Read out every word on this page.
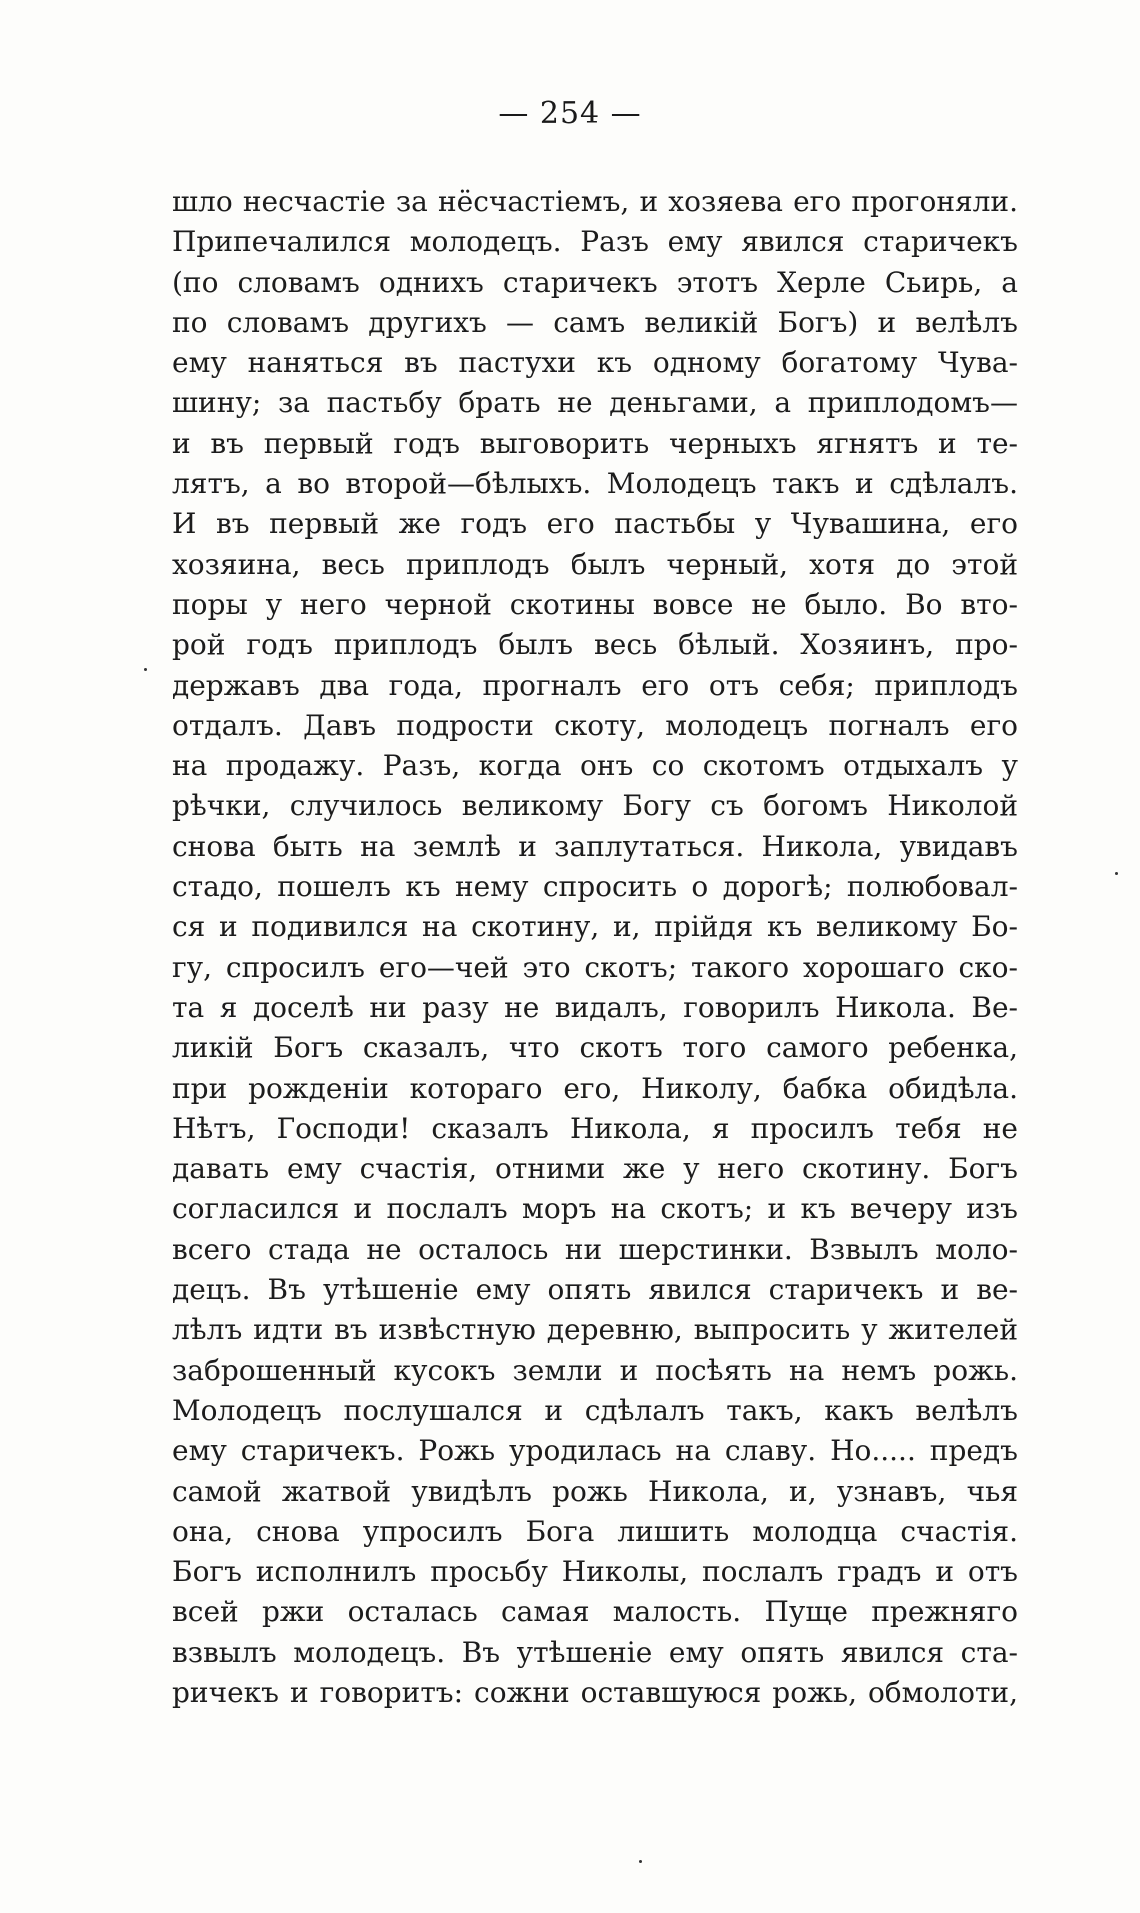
— 254 —
шло несчастіе за нёсчастіемъ, и хозяева его прогоняли.
Припечалился молодецъ. Разъ ему явился старичекъ
(по словамъ однихъ старичекъ этотъ Херле Сьирь, а
по словамъ другихъ — самъ великій Богъ) и велѣлъ
ему наняться въ пастухи къ одному богатому Чува-
шину; за пастьбу брать не деньгами, а приплодомъ—
и въ первый годъ выговорить черныхъ ягнятъ и те-
лятъ, а во второй—бѣлыхъ. Молодецъ такъ и сдѣлалъ.
И въ первый же годъ его пастьбы у Чувашина, его
хозяина, весь приплодъ былъ черный, хотя до этой
поры у него черной скотины вовсе не было. Во вто-
рой годъ приплодъ былъ весь бѣлый. Хозяинъ, про-
державъ два года, прогналъ его отъ себя; приплодъ
отдалъ. Давъ подрости скоту, молодецъ погналъ его
на продажу. Разъ, когда онъ со скотомъ отдыхалъ у
рѣчки, случилось великому Богу съ богомъ Николой
снова быть на землѣ и заплутаться. Никола, увидавъ
стадо, пошелъ къ нему спросить о дорогѣ; полюбовал-
ся и подивился на скотину, и, прійдя къ великому Бо-
гу, спросилъ его—чей это скотъ; такого хорошаго ско-
та я доселѣ ни разу не видалъ, говорилъ Никола. Ве-
ликій Богъ сказалъ, что скотъ того самого ребенка,
при рожденіи котораго его, Николу, бабка обидѣла.
Нѣтъ, Господи! сказалъ Никола, я просилъ тебя не
давать ему счастія, отними же у него скотину. Богъ
согласился и послалъ моръ на скотъ; и къ вечеру изъ
всего стада не осталось ни шерстинки. Взвылъ моло-
децъ. Въ утѣшеніе ему опять явился старичекъ и ве-
лѣлъ идти въ извѣстную деревню, выпросить у жителей
заброшенный кусокъ земли и посѣять на немъ рожь.
Молодецъ послушался и сдѣлалъ такъ, какъ велѣлъ
ему старичекъ. Рожь уродилась на славу. Но..... предъ
самой жатвой увидѣлъ рожь Никола, и, узнавъ, чья
она, снова упросилъ Бога лишить молодца счастія.
Богъ исполнилъ просьбу Николы, послалъ градъ и отъ
всей ржи осталась самая малость. Пуще прежняго
взвылъ молодецъ. Въ утѣшеніе ему опять явился ста-
ричекъ и говоритъ: сожни оставшуюся рожь, обмолоти,
